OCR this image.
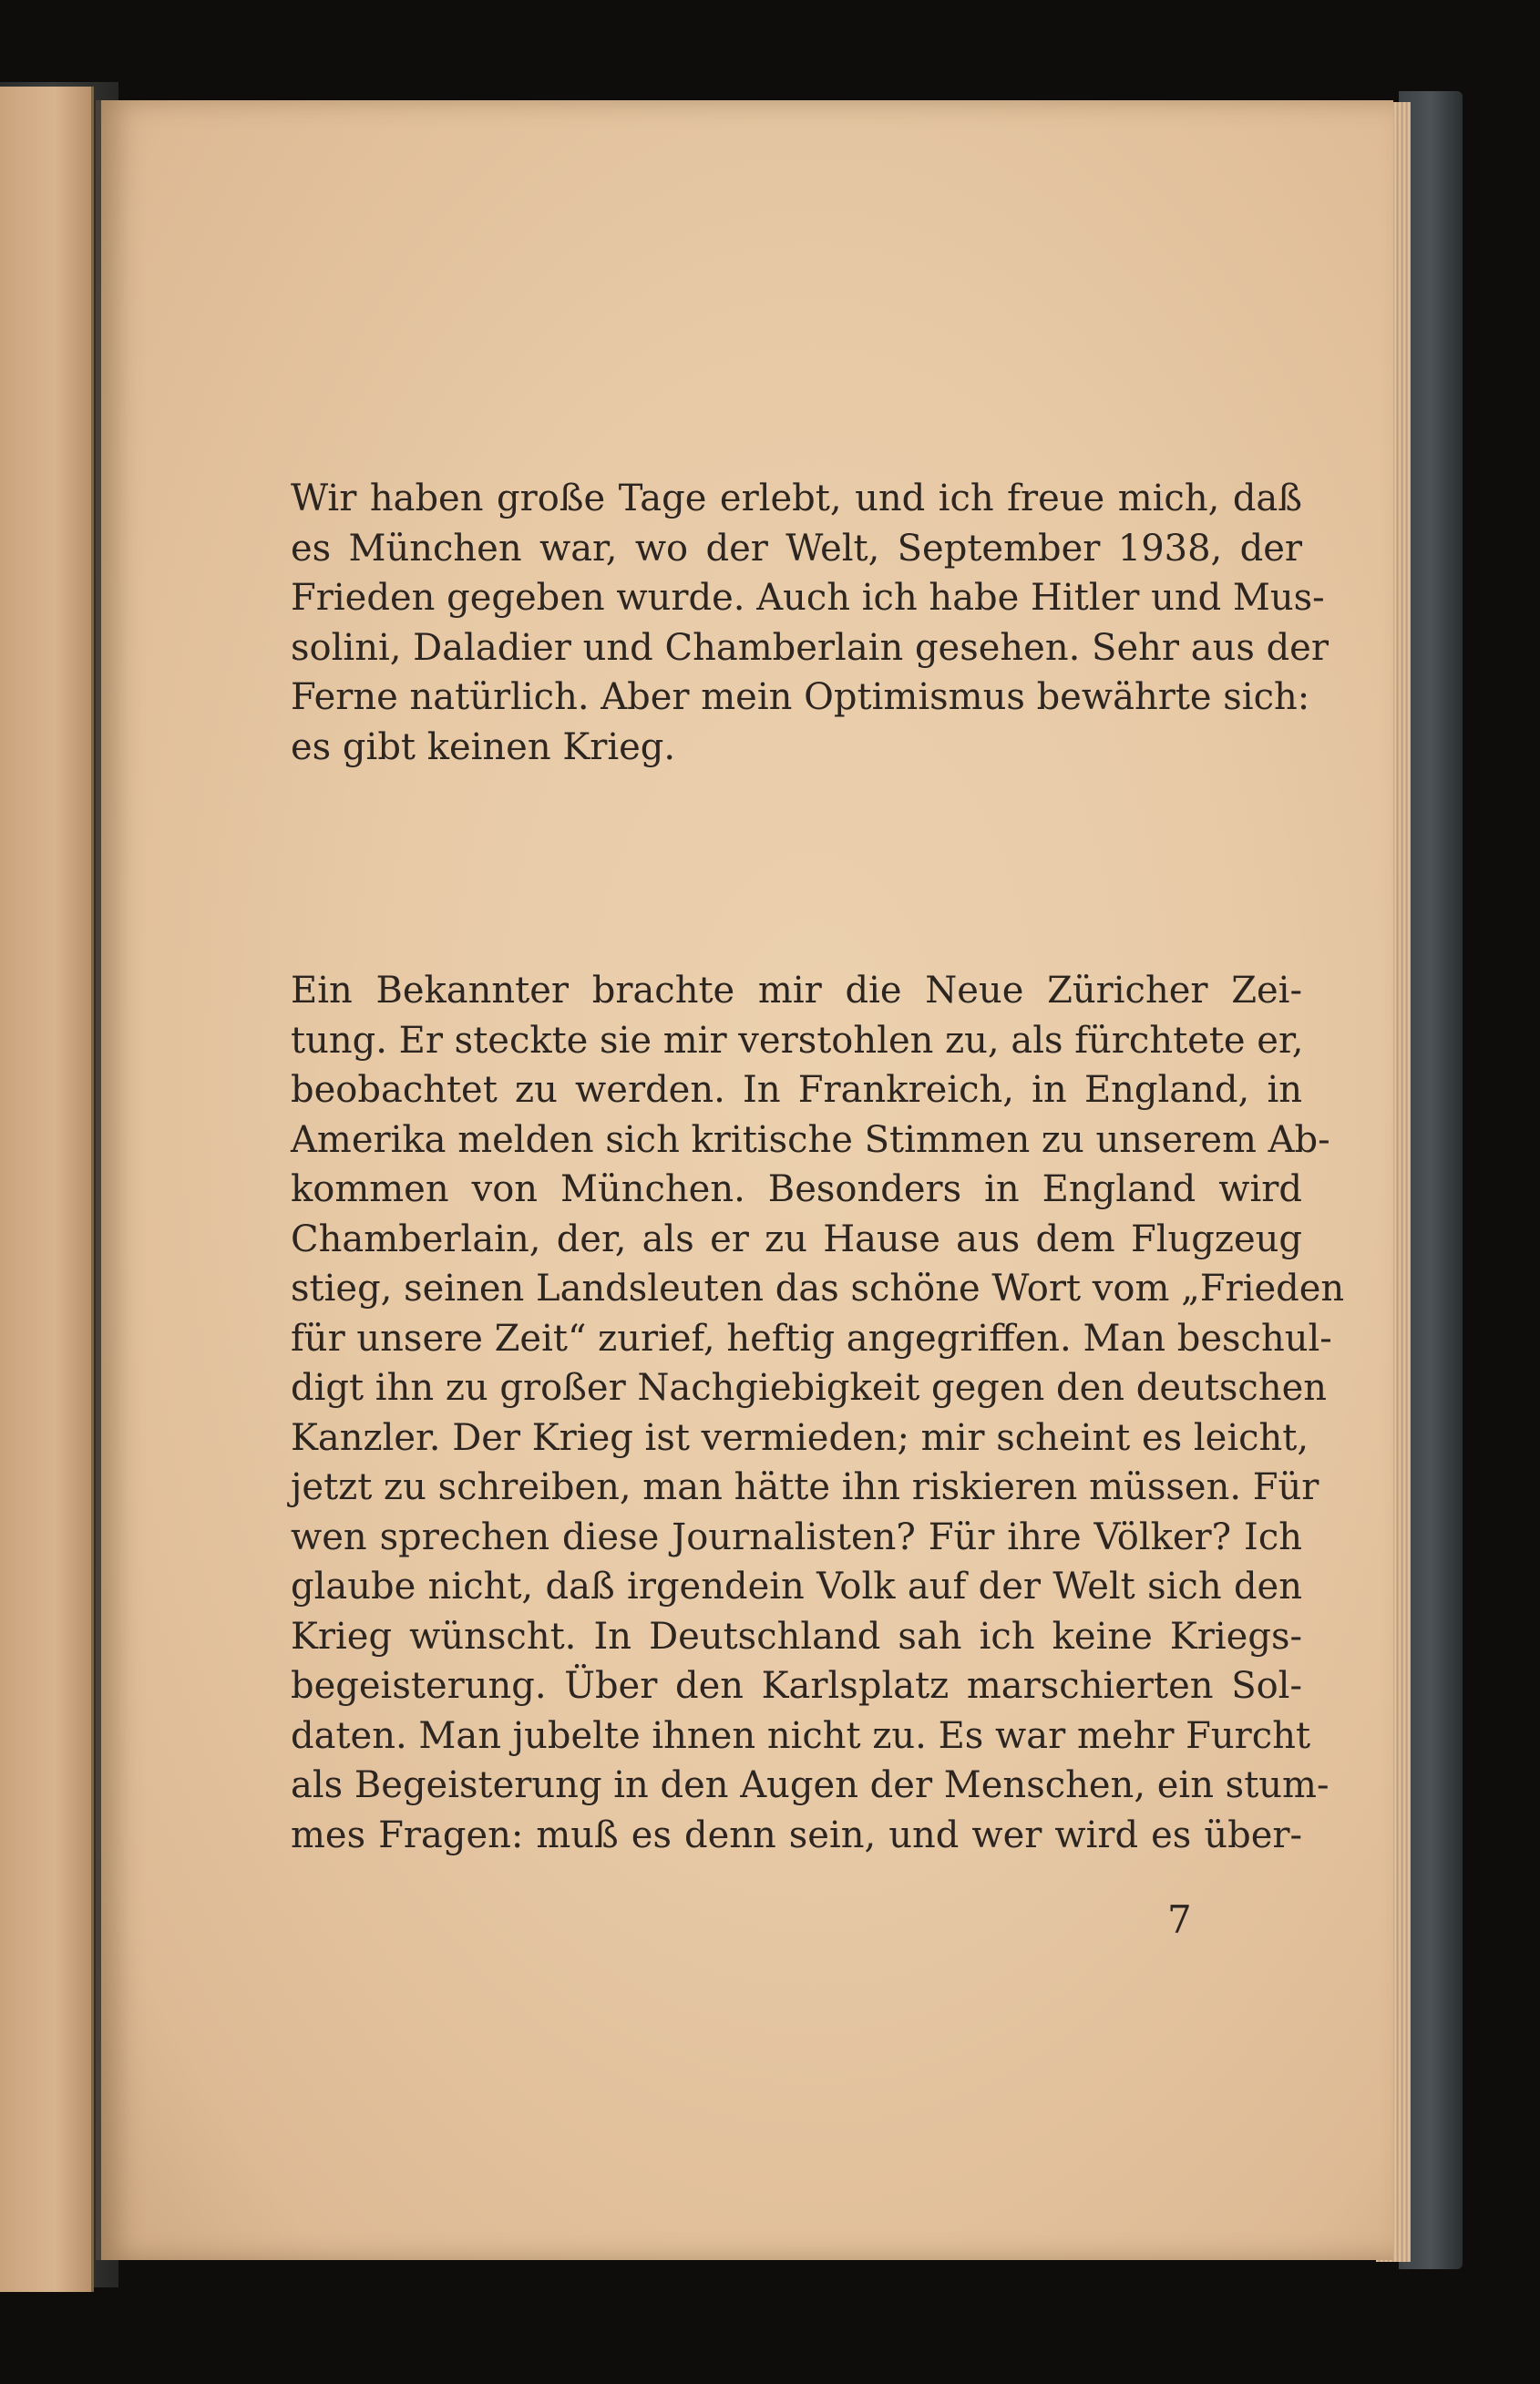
Wir haben große Tage erlebt, und ich freue mich, daß
es München war, wo der Welt, September 1938, der
Frieden gegeben wurde. Auch ich habe Hitler und Mus-
solini, Daladier und Chamberlain gesehen. Sehr aus der
Ferne natürlich. Aber mein Optimismus bewährte sich:
es gibt keinen Krieg.
Ein Bekannter brachte mir die Neue Züricher Zei-
tung. Er steckte sie mir verstohlen zu, als fürchtete er,
beobachtet zu werden. In Frankreich, in England, in
Amerika melden sich kritische Stimmen zu unserem Ab-
kommen von München. Besonders in England wird
Chamberlain, der, als er zu Hause aus dem Flugzeug
stieg, seinen Landsleuten das schöne Wort vom „Frieden
für unsere Zeit“ zurief, heftig angegriffen. Man beschul-
digt ihn zu großer Nachgiebigkeit gegen den deutschen
Kanzler. Der Krieg ist vermieden; mir scheint es leicht,
jetzt zu schreiben, man hätte ihn riskieren müssen. Für
wen sprechen diese Journalisten? Für ihre Völker? Ich
glaube nicht, daß irgendein Volk auf der Welt sich den
Krieg wünscht. In Deutschland sah ich keine Kriegs-
begeisterung. Über den Karlsplatz marschierten Sol-
daten. Man jubelte ihnen nicht zu. Es war mehr Furcht
als Begeisterung in den Augen der Menschen, ein stum-
mes Fragen: muß es denn sein, und wer wird es über-
7
